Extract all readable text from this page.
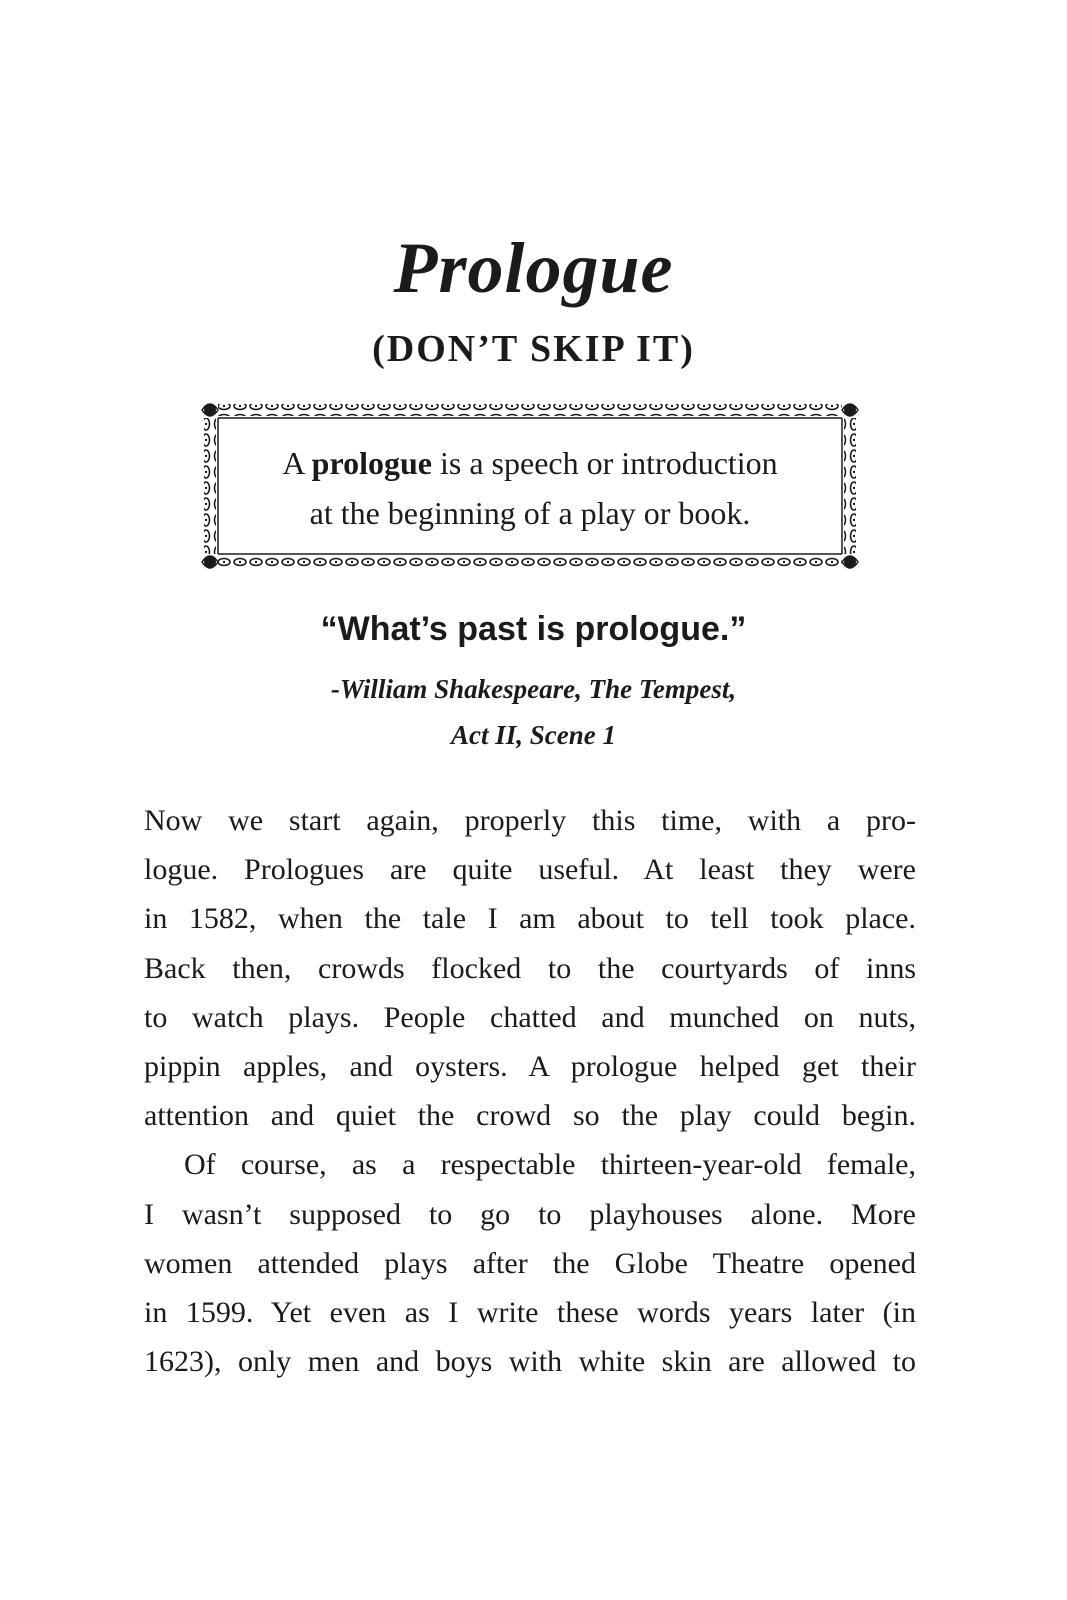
Prologue
(DON’T SKIP IT)

A prologue is a speech or introduction
at the beginning of a play or book.

“What’s past is prologue.”

-William Shakespeare, The Tempest,
Act II, Scene 1

Now we start again, properly this time, with a pro-
logue. Prologues are quite useful. At least they were
in 1582, when the tale I am about to tell took place.
Back then, crowds flocked to the courtyards of inns
to watch plays. People chatted and munched on nuts,
pippin apples, and oysters. A prologue helped get their
attention and quiet the crowd so the play could begin.
Of course, as a respectable thirteen-year-old female,
I wasn’t supposed to go to playhouses alone. More
women attended plays after the Globe Theatre opened
in 1599. Yet even as I write these words years later (in
1623), only men and boys with white skin are allowed to
